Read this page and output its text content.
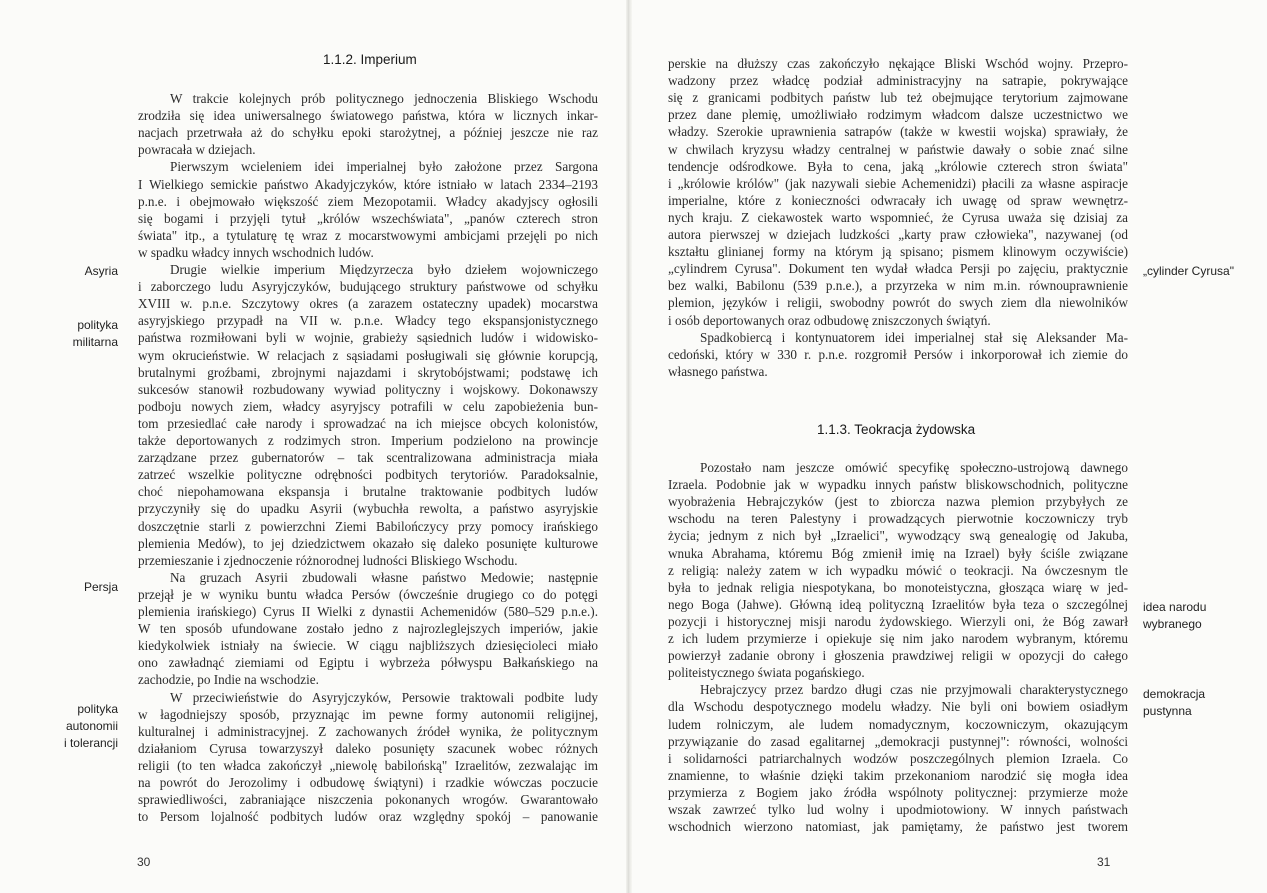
1.1.2. Imperium
W trakcie kolejnych prób politycznego jednoczenia Bliskiego Wschodu
zrodziła się idea uniwersalnego światowego państwa, która w licznych inkar-
nacjach przetrwała aż do schyłku epoki starożytnej, a później jeszcze nie raz
powracała w dziejach.
Pierwszym wcieleniem idei imperialnej było założone przez Sargona
I Wielkiego semickie państwo Akadyjczyków, które istniało w latach 2334–2193
p.n.e. i obejmowało większość ziem Mezopotamii. Władcy akadyjscy ogłosili
się bogami i przyjęli tytuł „królów wszechświata", „panów czterech stron
świata" itp., a tytulaturę tę wraz z mocarstwowymi ambicjami przejęli po nich
w spadku władcy innych wschodnich ludów.
Drugie wielkie imperium Międzyrzecza było dziełem wojowniczego
i zaborczego ludu Asyryjczyków, budującego struktury państwowe od schyłku
XVIII w. p.n.e. Szczytowy okres (a zarazem ostateczny upadek) mocarstwa
asyryjskiego przypadł na VII w. p.n.e. Władcy tego ekspansjonistycznego
państwa rozmiłowani byli w wojnie, grabieży sąsiednich ludów i widowisko-
wym okrucieństwie. W relacjach z sąsiadami posługiwali się głównie korupcją,
brutalnymi groźbami, zbrojnymi najazdami i skrytobójstwami; podstawę ich
sukcesów stanowił rozbudowany wywiad polityczny i wojskowy. Dokonawszy
podboju nowych ziem, władcy asyryjscy potrafili w celu zapobieżenia bun-
tom przesiedlać całe narody i sprowadzać na ich miejsce obcych kolonistów,
także deportowanych z rodzimych stron. Imperium podzielono na prowincje
zarządzane przez gubernatorów – tak scentralizowana administracja miała
zatrzeć wszelkie polityczne odrębności podbitych terytoriów. Paradoksalnie,
choć niepohamowana ekspansja i brutalne traktowanie podbitych ludów
przyczyniły się do upadku Asyrii (wybuchła rewolta, a państwo asyryjskie
doszczętnie starli z powierzchni Ziemi Babilończycy przy pomocy irańskiego
plemienia Medów), to jej dziedzictwem okazało się daleko posunięte kulturowe
przemieszanie i zjednoczenie różnorodnej ludności Bliskiego Wschodu.
Na gruzach Asyrii zbudowali własne państwo Medowie; następnie
przejął je w wyniku buntu władca Persów (ówcześnie drugiego co do potęgi
plemienia irańskiego) Cyrus II Wielki z dynastii Achemenidów (580–529 p.n.e.).
W ten sposób ufundowane zostało jedno z najrozleglejszych imperiów, jakie
kiedykolwiek istniały na świecie. W ciągu najbliższych dziesięcioleci miało
ono zawładnąć ziemiami od Egiptu i wybrzeża półwyspu Bałkańskiego na
zachodzie, po Indie na wschodzie.
W przeciwieństwie do Asyryjczyków, Persowie traktowali podbite ludy
w łagodniejszy sposób, przyznając im pewne formy autonomii religijnej,
kulturalnej i administracyjnej. Z zachowanych źródeł wynika, że politycznym
działaniom Cyrusa towarzyszył daleko posunięty szacunek wobec różnych
religii (to ten władca zakończył „niewolę babilońską" Izraelitów, zezwalając im
na powrót do Jerozolimy i odbudowę świątyni) i rzadkie wówczas poczucie
sprawiedliwości, zabraniające niszczenia pokonanych wrogów. Gwarantowało
to Persom lojalność podbitych ludów oraz względny spokój – panowanie
Asyria
polityka
militarna
Persja
polityka
autonomii
i tolerancji
30
perskie na dłuższy czas zakończyło nękające Bliski Wschód wojny. Przepro-
wadzony przez władcę podział administracyjny na satrapie, pokrywające
się z granicami podbitych państw lub też obejmujące terytorium zajmowane
przez dane plemię, umożliwiało rodzimym władcom dalsze uczestnictwo we
władzy. Szerokie uprawnienia satrapów (także w kwestii wojska) sprawiały, że
w chwilach kryzysu władzy centralnej w państwie dawały o sobie znać silne
tendencje odśrodkowe. Była to cena, jaką „królowie czterech stron świata"
i „królowie królów" (jak nazywali siebie Achemenidzi) płacili za własne aspiracje
imperialne, które z konieczności odwracały ich uwagę od spraw wewnętrz-
nych kraju. Z ciekawostek warto wspomnieć, że Cyrusa uważa się dzisiaj za
autora pierwszej w dziejach ludzkości „karty praw człowieka", nazywanej (od
kształtu glinianej formy na którym ją spisano; pismem klinowym oczywiście)
„cylindrem Cyrusa". Dokument ten wydał władca Persji po zajęciu, praktycznie
bez walki, Babilonu (539 p.n.e.), a przyrzeka w nim m.in. równouprawnienie
plemion, języków i religii, swobodny powrót do swych ziem dla niewolników
i osób deportowanych oraz odbudowę zniszczonych świątyń.
Spadkobiercą i kontynuatorem idei imperialnej stał się Aleksander Ma-
cedoński, który w 330 r. p.n.e. rozgromił Persów i inkorporował ich ziemie do
własnego państwa.
1.1.3. Teokracja żydowska
Pozostało nam jeszcze omówić specyfikę społeczno-ustrojową dawnego
Izraela. Podobnie jak w wypadku innych państw bliskowschodnich, polityczne
wyobrażenia Hebrajczyków (jest to zbiorcza nazwa plemion przybyłych ze
wschodu na teren Palestyny i prowadzących pierwotnie koczowniczy tryb
życia; jednym z nich był „Izraelici", wywodzący swą genealogię od Jakuba,
wnuka Abrahama, któremu Bóg zmienił imię na Izrael) były ściśle związane
z religią: należy zatem w ich wypadku mówić o teokracji. Na ówczesnym tle
była to jednak religia niespotykana, bo monoteistyczna, głosząca wiarę w jed-
nego Boga (Jahwe). Główną ideą polityczną Izraelitów była teza o szczególnej
pozycji i historycznej misji narodu żydowskiego. Wierzyli oni, że Bóg zawarł
z ich ludem przymierze i opiekuje się nim jako narodem wybranym, któremu
powierzył zadanie obrony i głoszenia prawdziwej religii w opozycji do całego
politeistycznego świata pogańskiego.
Hebrajczycy przez bardzo długi czas nie przyjmowali charakterystycznego
dla Wschodu despotycznego modelu władzy. Nie byli oni bowiem osiadłym
ludem rolniczym, ale ludem nomadycznym, koczowniczym, okazującym
przywiązanie do zasad egalitarnej „demokracji pustynnej": równości, wolności
i solidarności patriarchalnych wodzów poszczególnych plemion Izraela. Co
znamienne, to właśnie dzięki takim przekonaniom narodzić się mogła idea
przymierza z Bogiem jako źródła wspólnoty politycznej: przymierze może
wszak zawrzeć tylko lud wolny i upodmiotowiony. W innych państwach
wschodnich wierzono natomiast, jak pamiętamy, że państwo jest tworem
„cylinder Cyrusa"
idea narodu
wybranego
demokracja
pustynna
31
